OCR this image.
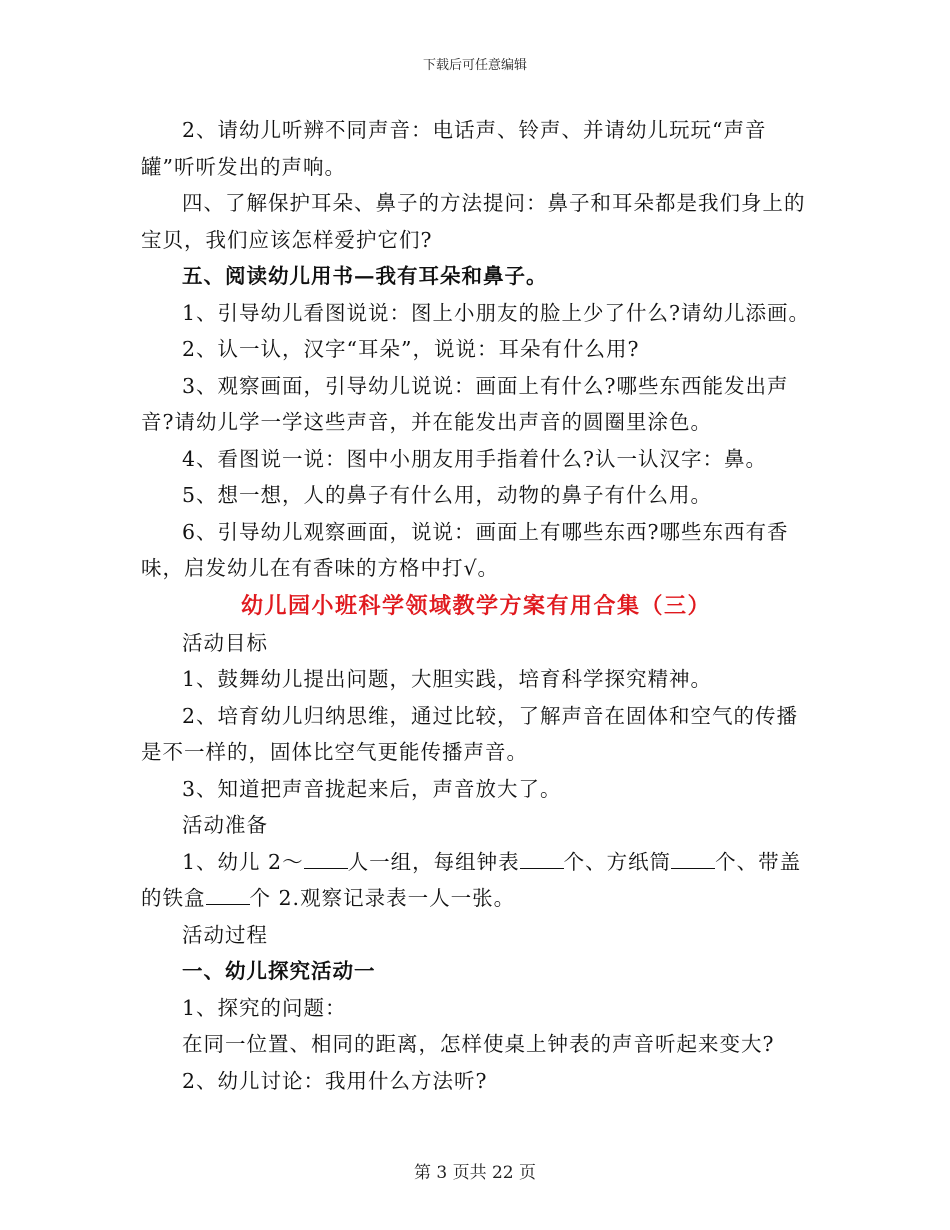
下载后可任意编辑

2、请幼儿听辨不同声音：电话声、铃声、并请幼儿玩玩“声音罐”听听发出的声响。

四、了解保护耳朵、鼻子的方法提问：鼻子和耳朵都是我们身上的宝贝，我们应该怎样爱护它们?

五、阅读幼儿用书—我有耳朵和鼻子。

1、引导幼儿看图说说：图上小朋友的脸上少了什么?请幼儿添画。

2、认一认，汉字“耳朵”，说说：耳朵有什么用?

3、观察画面，引导幼儿说说：画面上有什么?哪些东西能发出声音?请幼儿学一学这些声音，并在能发出声音的圆圈里涂色。

4、看图说一说：图中小朋友用手指着什么?认一认汉字：鼻。

5、想一想，人的鼻子有什么用，动物的鼻子有什么用。

6、引导幼儿观察画面，说说：画面上有哪些东西?哪些东西有香味，启发幼儿在有香味的方格中打√。

幼儿园小班科学领域教学方案有用合集（三）

活动目标

1、鼓舞幼儿提出问题，大胆实践，培育科学探究精神。

2、培育幼儿归纳思维，通过比较，了解声音在固体和空气的传播是不一样的，固体比空气更能传播声音。

3、知道把声音拢起来后，声音放大了。

活动准备

1、幼儿 2～ 人一组，每组钟表 个、方纸筒 个、带盖的铁盒 个 2.观察记录表一人一张。

活动过程

一、幼儿探究活动一

1、探究的问题：

在同一位置、相同的距离，怎样使桌上钟表的声音听起来变大?

2、幼儿讨论：我用什么方法听?

第 3 页共 22 页
